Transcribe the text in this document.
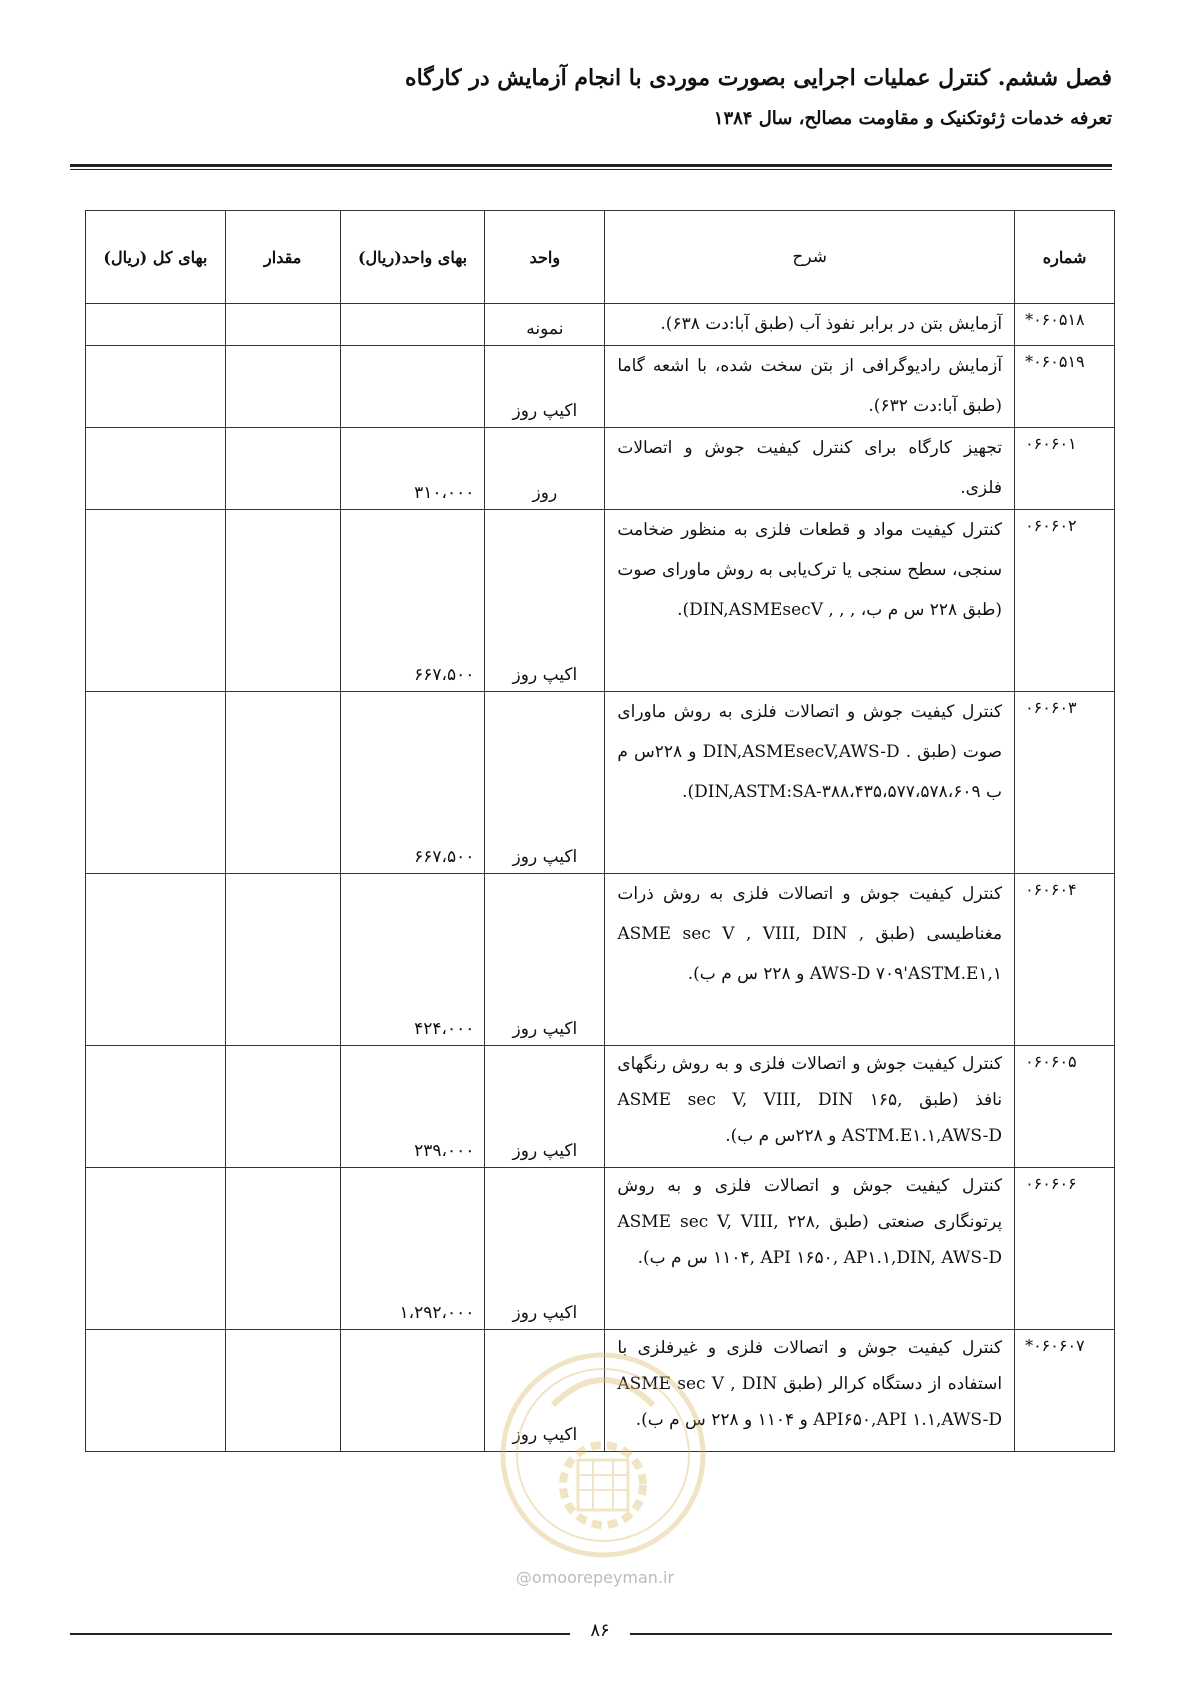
فصل ششم. کنترل عملیات اجرایی بصورت موردی با انجام آزمایش در کارگاه
تعرفه خدمات ژئوتکنیک و مقاومت مصالح، سال ۱۳۸۴
شماره	شرح	واحد	بهای واحد(ریال)	مقدار	بهای کل (ریال)
*۰۶۰۵۱۸	آزمایش بتن در برابر نفوذ آب (طبق آبا:دت ۶۳۸).	نمونه			
*۰۶۰۵۱۹	آزمایش رادیوگرافی از بتن سخت شده، با اشعه گاما (طبق آبا:دت ۶۳۲).	اکیپ روز			
۰۶۰۶۰۱	تجهیز کارگاه برای کنترل کیفیت جوش و اتصالات فلزی.	روز	۳۱۰،۰۰۰		
۰۶۰۶۰۲	کنترل کیفیت مواد و قطعات فلزی به منظور ضخامت سنجی، سطح سنجی یا ترک‌یابی به روش ماورای صوت (طبق ۲۲۸ س م ب، , , , DIN,ASMEsecV).	اکیپ روز	۶۶۷،۵۰۰		
۰۶۰۶۰۳	کنترل کیفیت جوش و اتصالات فلزی به روش ماورای صوت (طبق . DIN,ASMEsecV,AWS-D و ۲۲۸س م ب DIN,ASTM:SA-۳۸۸،۴۳۵،۵۷۷،۵۷۸،۶۰۹).	اکیپ روز	۶۶۷،۵۰۰		
۰۶۰۶۰۴	کنترل کیفیت جوش و اتصالات فلزی به روش ذرات مغناطیسی (طبق ASME sec V , VIII, DIN , AWS-D ۷۰۹'ASTM.E۱,۱ و ۲۲۸ س م ب).	اکیپ روز	۴۲۴،۰۰۰		
۰۶۰۶۰۵	کنترل کیفیت جوش و اتصالات فلزی و به روش رنگهای نافذ (طبق ASME sec V, VIII, DIN ۱۶۵, ASTM.E۱.۱,AWS-D و ۲۲۸س م ب).	اکیپ روز	۲۳۹،۰۰۰		
۰۶۰۶۰۶	کنترل کیفیت جوش و اتصالات فلزی و به روش پرتونگاری صنعتی (طبق ASME sec V, VIII, ۲۲۸, ۱۱۰۴, API ۱۶۵۰, AP۱.۱,DIN, AWS-D س م ب).	اکیپ روز	۱،۲۹۲،۰۰۰		
*۰۶۰۶۰۷	کنترل کیفیت جوش و اتصالات فلزی و غیرفلزی با استفاده از دستگاه کرالر (طبق ASME sec V , DIN API۶۵۰,API ۱.۱,AWS-D و ۱۱۰۴ و ۲۲۸ س م ب).	اکیپ روز			
@omoorepeyman.ir
۸۶
